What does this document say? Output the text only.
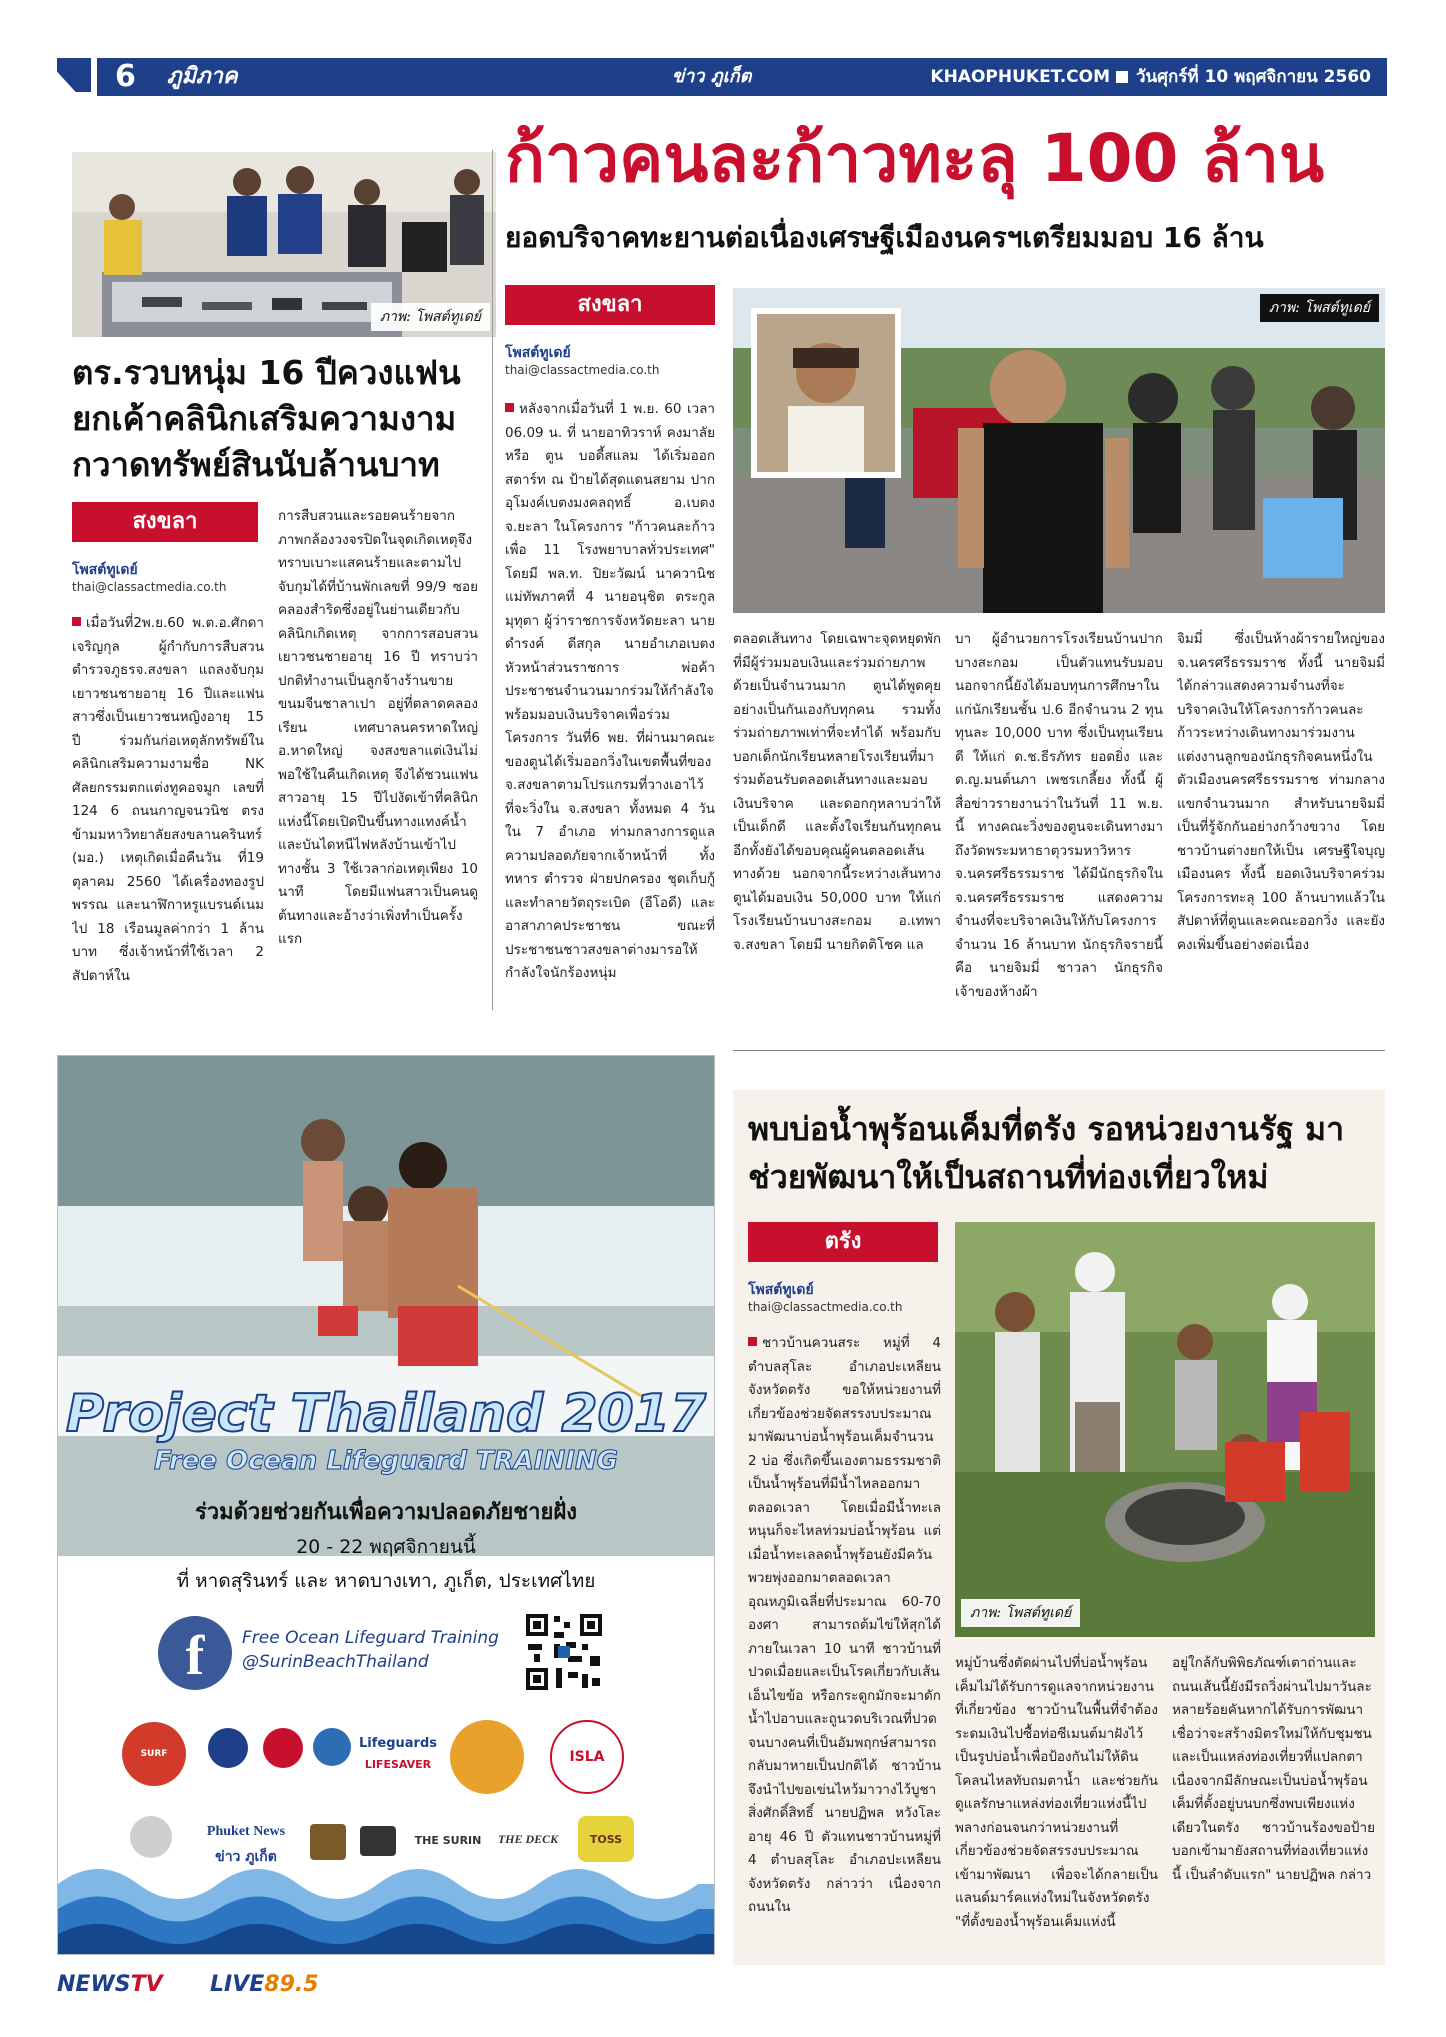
6 ภูมิภาค	ข่าว ภูเก็ต	KHAOPHUKET.COM วันศุกร์ที่ 10 พฤศจิกายน 2560
ภาพ: โพสต์ทูเดย์
ตร.รวบหนุ่ม 16 ปีควงแฟน ยกเค้าคลินิกเสริมความงาม กวาดทรัพย์สินนับล้านบาท
สงขลา
โพสต์ทูเดย์
thai@classactmedia.co.th
เมื่อวันที่2พ.ย.60 พ.ต.อ.ศักดา เจริญกุล ผู้กำกับการสืบสวนตำรวจภูธรจ.สงขลา แถลงจับกุมเยาวชนชายอายุ 16 ปีและแฟนสาวซึ่งเป็นเยาวชนหญิงอายุ 15 ปี ร่วมกันก่อเหตุลักทรัพย์ในคลินิกเสริมความงามชื่อ NK ศัลยกรรมตกแต่งทูคอจมูก เลขที่ 124 6 ถนนกาญจนวนิช ตรงข้ามมหาวิทยาลัยสงขลานครินทร์ (มอ.) เหตุเกิดเมื่อคืนวัน ที่19 ตุลาคม 2560 ได้เครื่องทองรูปพรรณ และนาฬิกาหรูแบรนด์เนมไป 18 เรือนมูลค่ากว่า 1 ล้านบาท ซึ่งเจ้าหน้าที่ใช้เวลา 2 สัปดาห์ใน
การสืบสวนและรอยคนร้ายจากภาพกล้องวงจรปิดในจุดเกิดเหตุจึงทราบเบาะแสคนร้ายและตามไปจับกุมได้ที่บ้านพักเลขที่ 99/9 ซอยคลองสำริดซึ่งอยู่ในย่านเดียวกับคลินิกเกิดเหตุ จากการสอบสวนเยาวชนชายอายุ 16 ปี ทราบว่า ปกติทำงานเป็นลูกจ้างร้านขายขนมจีนชาลาเปา อยู่ที่ตลาดคลองเรียน เทศบาลนครหาดใหญ่ อ.หาดใหญ่ จงสงขลาแต่เงินไม่พอใช้ในคืนเกิดเหตุ จึงได้ชวนแฟนสาวอายุ 15 ปีไปงัดเข้าที่คลินิกแห่งนี้โดยเปิดปีนขึ้นทางแทงค์น้ำ และบันไดหนีไฟหลังบ้านเข้าไปทางชั้น 3 ใช้เวลาก่อเหตุเพียง 10 นาที โดยมีแฟนสาวเป็นคนดูต้นทางและอ้างว่าเพิ่งทำเป็นครั้งแรก
ก้าวคนละก้าวทะลุ 100 ล้าน
ยอดบริจาคทะยานต่อเนื่องเศรษฐีเมืองนครฯเตรียมมอบ 16 ล้าน
สงขลา
โพสต์ทูเดย์
thai@classactmedia.co.th
หลังจากเมื่อวันที่ 1 พ.ย. 60 เวลา 06.09 น. ที่ นายอาทิวราห์ คงมาลัย หรือ ตูน บอดี้สแลม ได้เริ่มออกสตาร์ท ณ ป้ายได้สุดแดนสยาม ปากอุโมงค์เบตงมงคลฤทธิ์ อ.เบตง จ.ยะลา ในโครงการ "ก้าวคนละก้าวเพื่อ 11 โรงพยาบาลทั่วประเทศ" โดยมี พล.ท. ปิยะวัฒน์ นาควานิช แม่ทัพภาคที่ 4 นายอนุชิต ตระกูลมุทุตา ผู้ว่าราชการจังหวัดยะลา นายดำรงค์ ดีสกุล นายอำเภอเบตง หัวหน้าส่วนราชการ พ่อค้า ประชาชนจำนวนมากร่วมให้กำลังใจพร้อมมอบเงินบริจาคเพื่อร่วมโครงการ วันที่6 พย. ที่ผ่านมาคณะของตูนได้เริ่มออกวิ่งในเขตพื้นที่ของจ.สงขลาตามโปรแกรมที่วางเอาไว้ ที่จะวิ่งใน จ.สงขลา ทั้งหมด 4 วัน ใน 7 อำเภอ ท่ามกลางการดูแลความปลอดภัยจากเจ้าหน้าที่ ทั้งทหาร ตำรวจ ฝ่ายปกครอง ชุดเก็บกู้และทำลายวัตถุระเบิด (อีโอดี) และ อาสาภาคประชาชน ขณะที่ประชาชนชาวสงขลาต่างมารอให้กำลังใจนักร้องหนุ่ม
ภาพ: โพสต์ทูเดย์
ตลอดเส้นทาง โดยเฉพาะจุดหยุดพักที่มีผู้ร่วมมอบเงินและร่วมถ่ายภาพด้วยเป็นจำนวนมาก ตูนได้พูดคุยอย่างเป็นกันเองกับทุกคน รวมทั้งร่วมถ่ายภาพเท่าที่จะทำได้ พร้อมกับบอกเด็กนักเรียนหลายโรงเรียนที่มาร่วมต้อนรับตลอดเส้นทางและมอบเงินบริจาค และดอกกุหลาบว่าให้เป็นเด็กดี และตั้งใจเรียนกันทุกคน อีกทั้งยังได้ขอบคุณผู้คนตลอดเส้นทางด้วย นอกจากนี้ระหว่างเส้นทางตูนได้มอบเงิน 50,000 บาท ให้แก่โรงเรียนบ้านบางสะกอม อ.เทพา จ.สงขลา โดยมี นายกิตติโชค แล
บา ผู้อำนวยการโรงเรียนบ้านปากบางสะกอม เป็นตัวแทนรับมอบ นอกจากนี้ยังได้มอบทุนการศึกษาในแก่นักเรียนชั้น ป.6 อีกจำนวน 2 ทุน ทุนละ 10,000 บาท ซึ่งเป็นทุนเรียนดี ให้แก่ ด.ช.ธีรภัทร ยอดยิ่ง และ ด.ญ.มนต์นภา เพชรเกลี้ยง ทั้งนี้ ผู้สื่อข่าวรายงานว่าในวันที่ 11 พ.ย. นี้ ทางคณะวิ่งของตูนจะเดินทางมาถึงวัดพระมหาธาตุวรมหาวิหาร จ.นครศรีธรรมราช ได้มีนักธุรกิจใน จ.นครศรีธรรมราช แสดงความจำนงที่จะบริจาคเงินให้กับโครงการจำนวน 16 ล้านบาท นักธุรกิจรายนี้คือ นายจิมมี่ ชาวลา นักธุรกิจเจ้าของห้างผ้า
จิมมี่ ซึ่งเป็นห้างผ้ารายใหญ่ของ จ.นครศรีธรรมราช ทั้งนี้ นายจิมมี่ ได้กล่าวแสดงความจำนงที่จะบริจาคเงินให้โครงการก้าวคนละก้าวระหว่างเดินทางมาร่วมงานแต่งงานลูกของนักธุรกิจคนหนึ่งในตัวเมืองนครศรีธรรมราช ท่ามกลางแขกจำนวนมาก สำหรับนายจิมมี่เป็นที่รู้จักกันอย่างกว้างขวาง โดยชาวบ้านต่างยกให้เป็น เศรษฐีใจบุญเมืองนคร ทั้งนี้ ยอดเงินบริจาคร่วมโครงการทะลุ 100 ล้านบาทแล้วในสัปดาห์ที่ตูนและคณะออกวิ่ง และยังคงเพิ่มขึ้นอย่างต่อเนื่อง
Project Thailand 2017
Free Ocean Lifeguard TRAINING
ร่วมด้วยช่วยกันเพื่อความปลอดภัยชายฝั่ง
20 - 22 พฤศจิกายนนี้
ที่ หาดสุรินทร์ และ หาดบางเทา, ภูเก็ต, ประเทศไทย
f	Free Ocean Lifeguard Training
@SurinBeachThailand
SURF
Lifeguards
LIFESAVER	ISLA
Phuket News
ข่าว ภูเก็ต
THE SURIN	THE DECK	TOSS
พบบ่อน้ำพุร้อนเค็มที่ตรัง รอหน่วยงานรัฐ มาช่วยพัฒนาให้เป็นสถานที่ท่องเที่ยวใหม่
ตรัง
โพสต์ทูเดย์
thai@classactmedia.co.th
ชาวบ้านควนสระ หมู่ที่ 4 ตำบลสุโละ อำเภอปะเหลียน จังหวัดตรัง ขอให้หน่วยงานที่เกี่ยวข้องช่วยจัดสรรงบประมาณมาพัฒนาบ่อน้ำพุร้อนเค็มจำนวน 2 บ่อ ซึ่งเกิดขึ้นเองตามธรรมชาติเป็นน้ำพุร้อนที่มีน้ำไหลออกมาตลอดเวลา โดยเมื่อมีน้ำทะเลหนุนก็จะไหลท่วมบ่อน้ำพุร้อน แต่เมื่อน้ำทะเลลดน้ำพุร้อนยังมีควันพวยพุ่งออกมาตลอดเวลา อุณหภูมิเฉลี่ยที่ประมาณ 60-70 องศา สามารถต้มไข่ให้สุกได้ภายในเวลา 10 นาที ชาวบ้านที่ปวดเมื่อยและเป็นโรคเกี่ยวกับเส้นเอ็นไขข้อ หรือกระดูกมักจะมาดักน้ำไปอาบและถูนวดบริเวณที่ปวด จนบางคนที่เป็นอัมพฤกษ์สามารถกลับมาหายเป็นปกติได้ ชาวบ้านจึงนำไปขอเข่นไหว้มาวางไว้บูชาสิ่งศักดิ์สิทธิ์ นายปฏิพล หวังโละ อายุ 46 ปี ตัวแทนชาวบ้านหมู่ที่ 4 ตำบลสุโละ อำเภอปะเหลียน จังหวัดตรัง กล่าวว่า เนื่องจากถนนใน
ภาพ: โพสต์ทูเดย์
หมู่บ้านซึ่งตัดผ่านไปที่บ่อน้ำพุร้อนเค็มไม่ได้รับการดูแลจากหน่วยงานที่เกี่ยวข้อง ชาวบ้านในพื้นที่จำต้องระดมเงินไปซื้อท่อซีเมนต์มาฝังไว้เป็นรูปบ่อน้ำเพื่อป้องกันไม่ให้ดินโคลนไหลทับถมตาน้ำ และช่วยกันดูแลรักษาแหล่งท่องเที่ยวแห่งนี้ไปพลางก่อนจนกว่าหน่วยงานที่เกี่ยวข้องช่วยจัดสรรงบประมาณเข้ามาพัฒนา เพื่อจะได้กลายเป็นแลนด์มาร์คแห่งใหม่ในจังหวัดตรัง "ที่ตั้งของน้ำพุร้อนเค็มแห่งนี้
อยู่ใกล้กับพิพิธภัณฑ์เตาถ่านและถนนเส้นนี้ยังมีรถวิ่งผ่านไปมาวันละหลายร้อยคันหากได้รับการพัฒนาเชื่อว่าจะสร้างมิตรใหม่ให้กับชุมชน และเป็นแหล่งท่องเที่ยวที่แปลกตา เนื่องจากมีลักษณะเป็นบ่อน้ำพุร้อนเค็มที่ตั้งอยู่บนบกซึ่งพบเพียงแห่งเดียวในตรัง ชาวบ้านร้องขอป้ายบอกเข้ามายังสถานที่ท่องเที่ยวแห่งนี้ เป็นลำดับแรก" นายปฏิพล กล่าว
NEWSTV LIVE89.5
